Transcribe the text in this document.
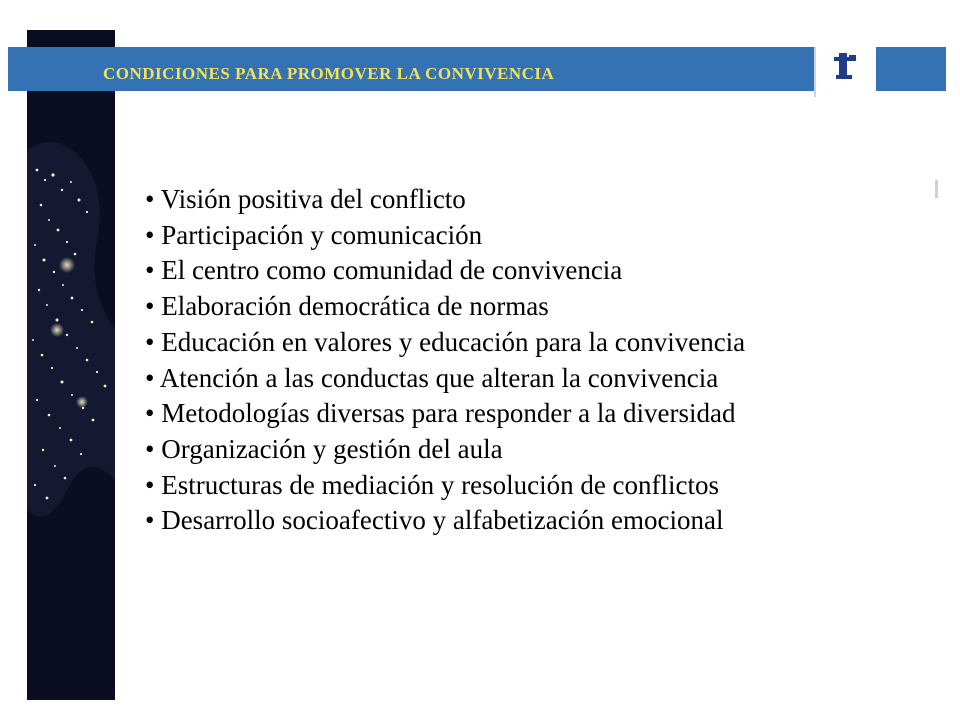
CONDICIONES PARA PROMOVER LA CONVIVENCIA
• Visión positiva del conflicto
• Participación y comunicación
• El centro como comunidad de convivencia
• Elaboración democrática de normas
• Educación en valores y educación para la convivencia
• Atención a las conductas que alteran la convivencia
• Metodologías diversas para responder a la diversidad
• Organización y gestión del aula
• Estructuras de mediación y resolución de conflictos
• Desarrollo socioafectivo y alfabetización emocional
